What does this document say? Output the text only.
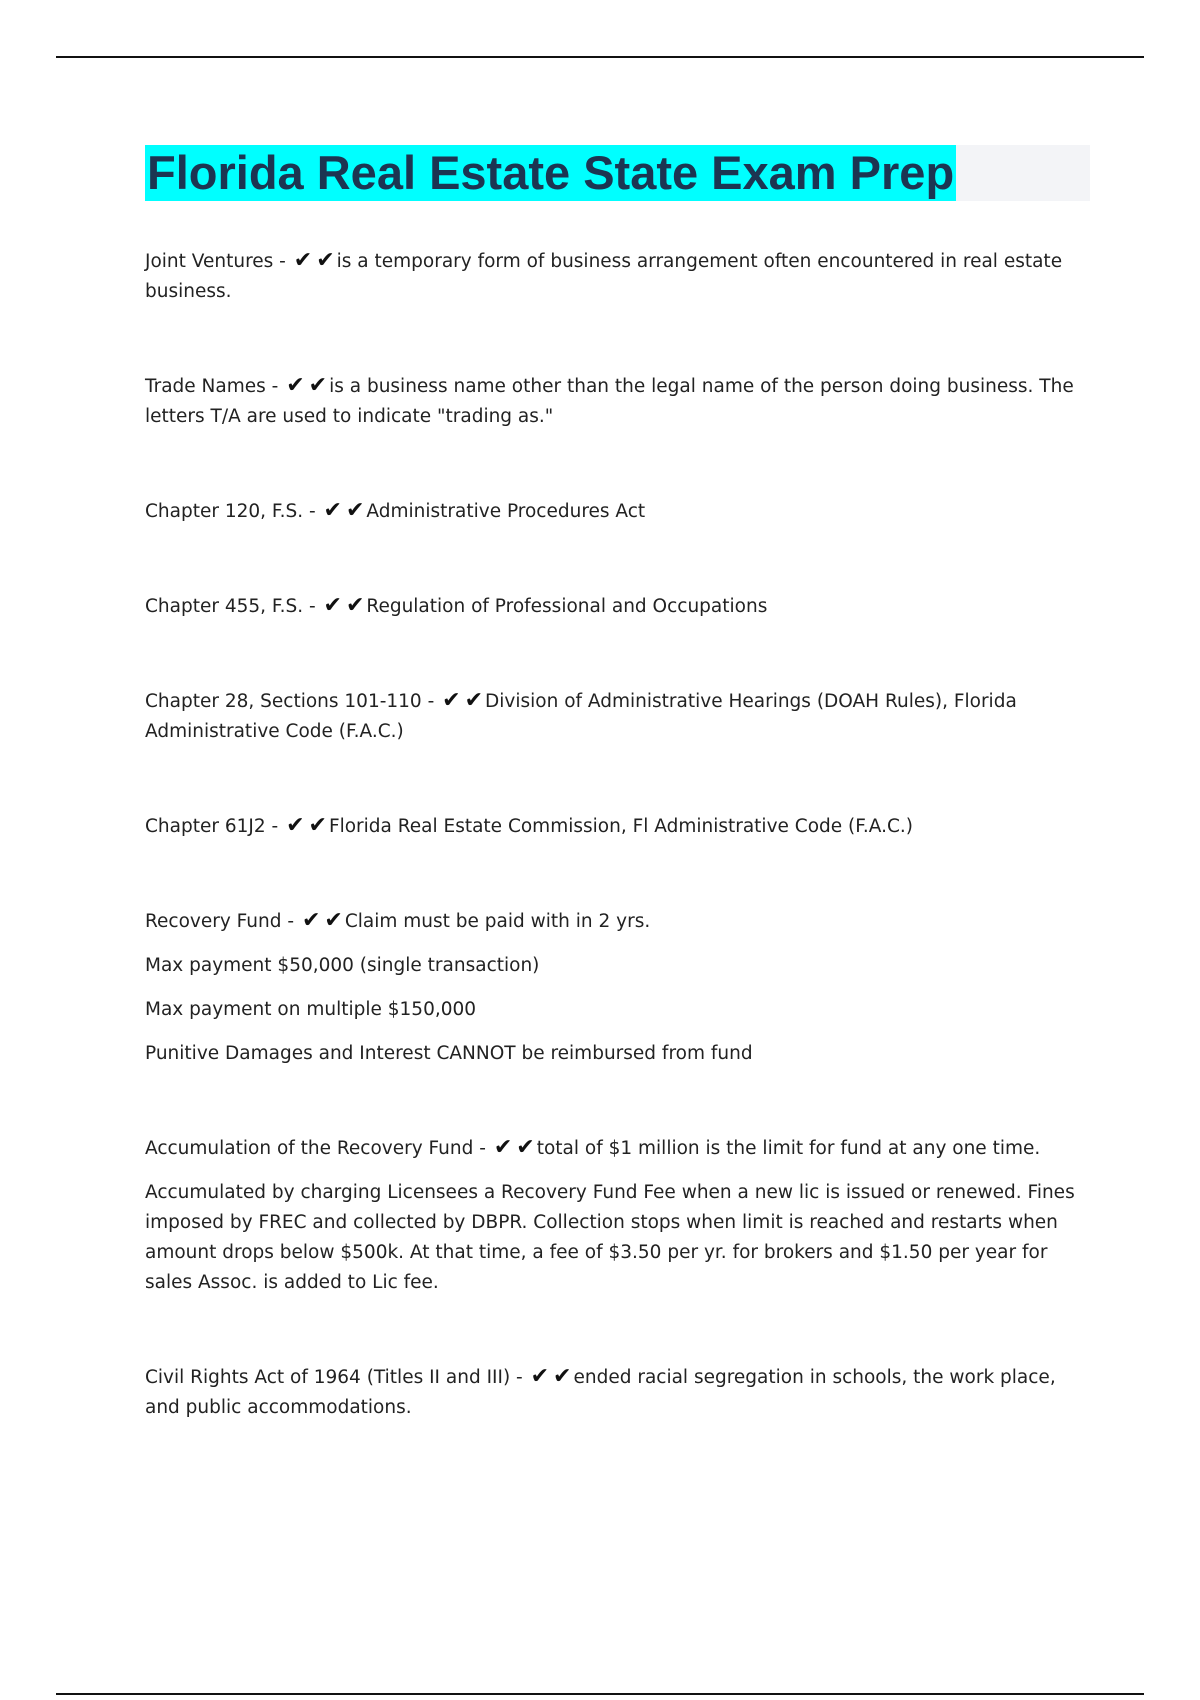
Florida Real Estate State Exam Prep

Joint Ventures - ✔ ✔ is a temporary form of business arrangement often encountered in real estate business.

Trade Names - ✔ ✔ is a business name other than the legal name of the person doing business. The letters T/A are used to indicate "trading as."

Chapter 120, F.S. - ✔ ✔ Administrative Procedures Act

Chapter 455, F.S. - ✔ ✔ Regulation of Professional and Occupations

Chapter 28, Sections 101-110 - ✔ ✔ Division of Administrative Hearings (DOAH Rules), Florida Administrative Code (F.A.C.)

Chapter 61J2 - ✔ ✔ Florida Real Estate Commission, Fl Administrative Code (F.A.C.)

Recovery Fund - ✔ ✔ Claim must be paid with in 2 yrs.

Max payment $50,000 (single transaction)

Max payment on multiple $150,000

Punitive Damages and Interest CANNOT be reimbursed from fund

Accumulation of the Recovery Fund - ✔ ✔ total of $1 million is the limit for fund at any one time.

Accumulated by charging Licensees a Recovery Fund Fee when a new lic is issued or renewed. Fines imposed by FREC and collected by DBPR. Collection stops when limit is reached and restarts when amount drops below $500k. At that time, a fee of $3.50 per yr. for brokers and $1.50 per year for sales Assoc. is added to Lic fee.

Civil Rights Act of 1964 (Titles II and III) - ✔ ✔ ended racial segregation in schools, the work place, and public accommodations.
